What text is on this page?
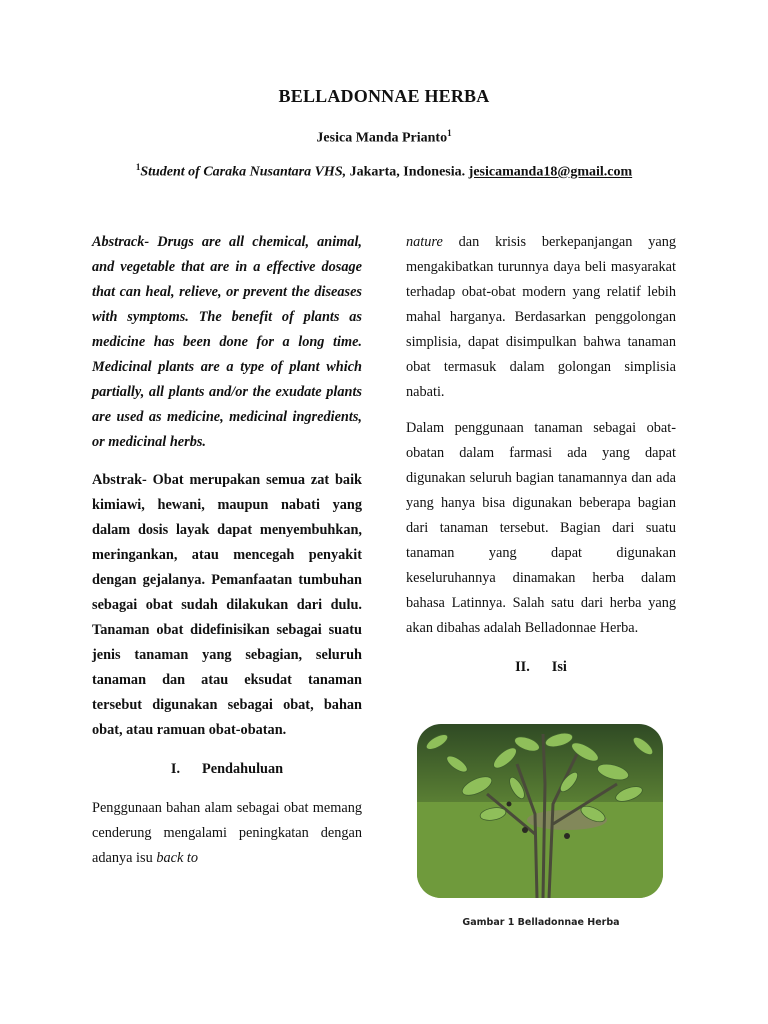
BELLADONNAE HERBA
Jesica Manda Prianto$^1$
$^1$Student of Caraka Nusantara VHS, Jakarta, Indonesia. jesicamanda18@gmail.com

Abstrack- Drugs are all chemical, animal, and vegetable that are in a effective dosage that can heal, relieve, or prevent the diseases with symptoms. The benefit of plants as medicine has been done for a long time. Medicinal plants are a type of plant which partially, all plants and/or the exudate plants are used as medicine, medicinal ingredients, or medicinal herbs.

Abstrak- Obat merupakan semua zat baik kimiawi, hewani, maupun nabati yang dalam dosis layak dapat menyembuhkan, meringankan, atau mencegah penyakit dengan gejalanya. Pemanfaatan tumbuhan sebagai obat sudah dilakukan dari dulu. Tanaman obat didefinisikan sebagai suatu jenis tanaman yang sebagian, seluruh tanaman dan atau eksudat tanaman tersebut digunakan sebagai obat, bahan obat, atau ramuan obat-obatan.

I. Pendahuluan

Penggunaan bahan alam sebagai obat memang cenderung mengalami peningkatan dengan adanya isu back to

nature dan krisis berkepanjangan yang mengakibatkan turunnya daya beli masyarakat terhadap obat-obat modern yang relatif lebih mahal harganya. Berdasarkan penggolongan simplisia, dapat disimpulkan bahwa tanaman obat termasuk dalam golongan simplisia nabati.

Dalam penggunaan tanaman sebagai obat-obatan dalam farmasi ada yang dapat digunakan seluruh bagian tanamannya dan ada yang hanya bisa digunakan beberapa bagian dari tanaman tersebut. Bagian dari suatu tanaman yang dapat digunakan keseluruhannya dinamakan herba dalam bahasa Latinnya. Salah satu dari herba yang akan dibahas adalah Belladonnae Herba.

II. Isi
Gambar 1 Belladonnae Herba
